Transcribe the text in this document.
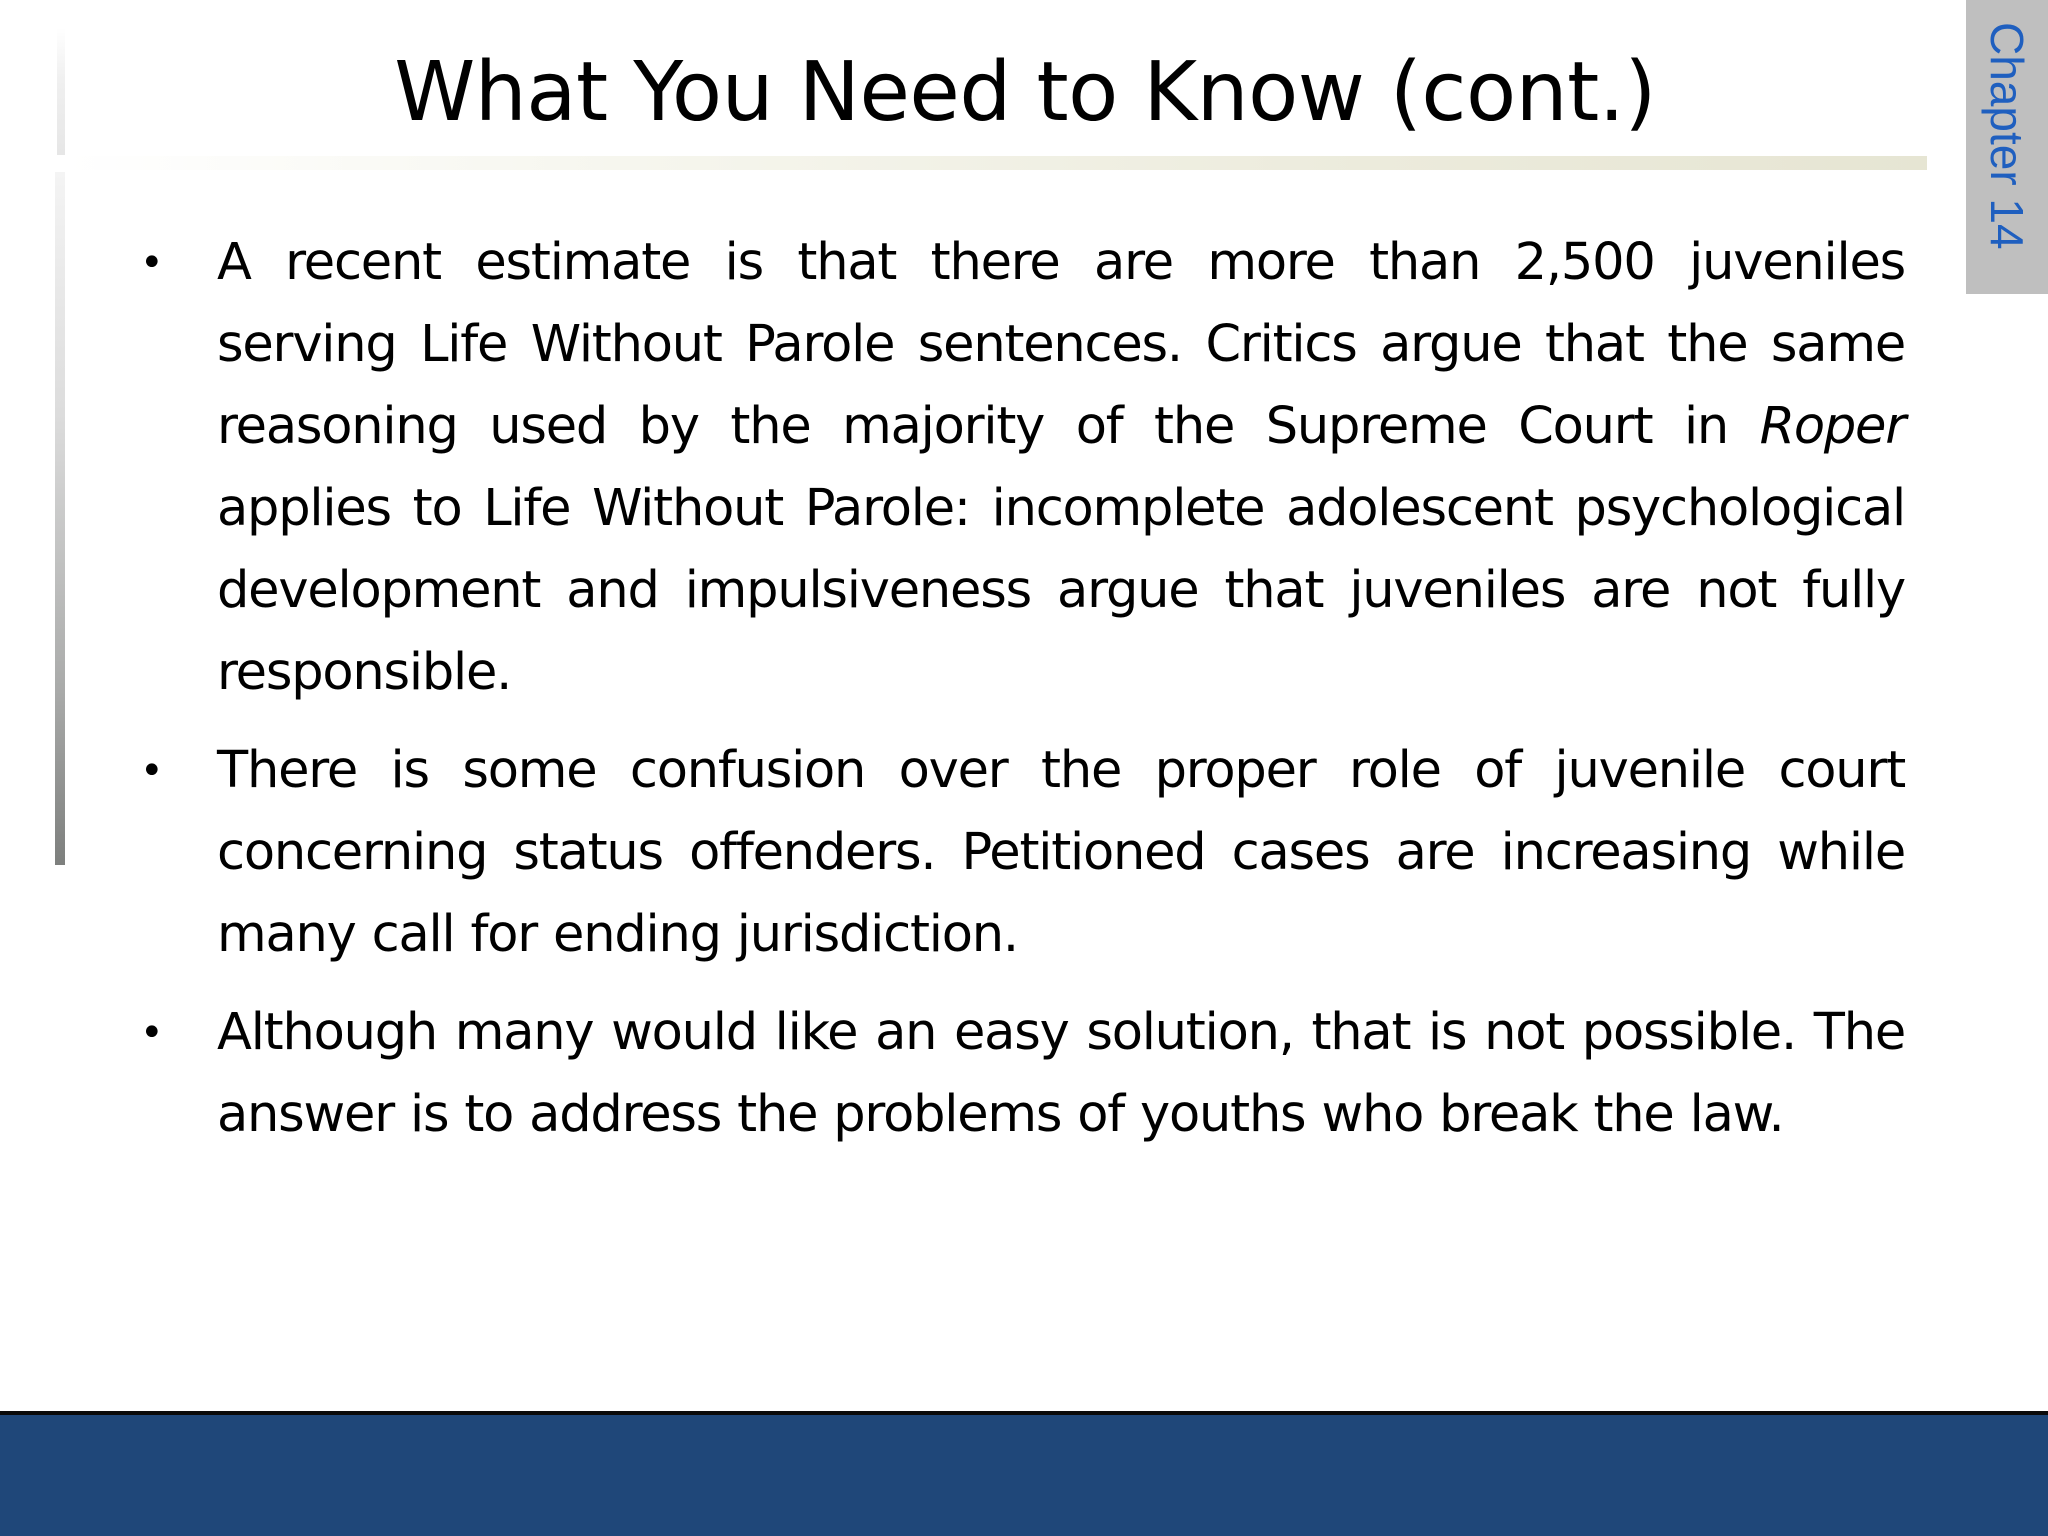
What You Need to Know (cont.)	Chapter 14
• A recent estimate is that there are more than 2,500 juveniles serving Life Without Parole sentences. Critics argue that the same reasoning used by the majority of the Supreme Court in Roper applies to Life Without Parole: incomplete adolescent psychological development and impulsiveness argue that juveniles are not fully responsible.
• There is some confusion over the proper role of juvenile court concerning status offenders. Petitioned cases are increasing while many call for ending jurisdiction.
• Although many would like an easy solution, that is not possible. The answer is to address the problems of youths who break the law.
